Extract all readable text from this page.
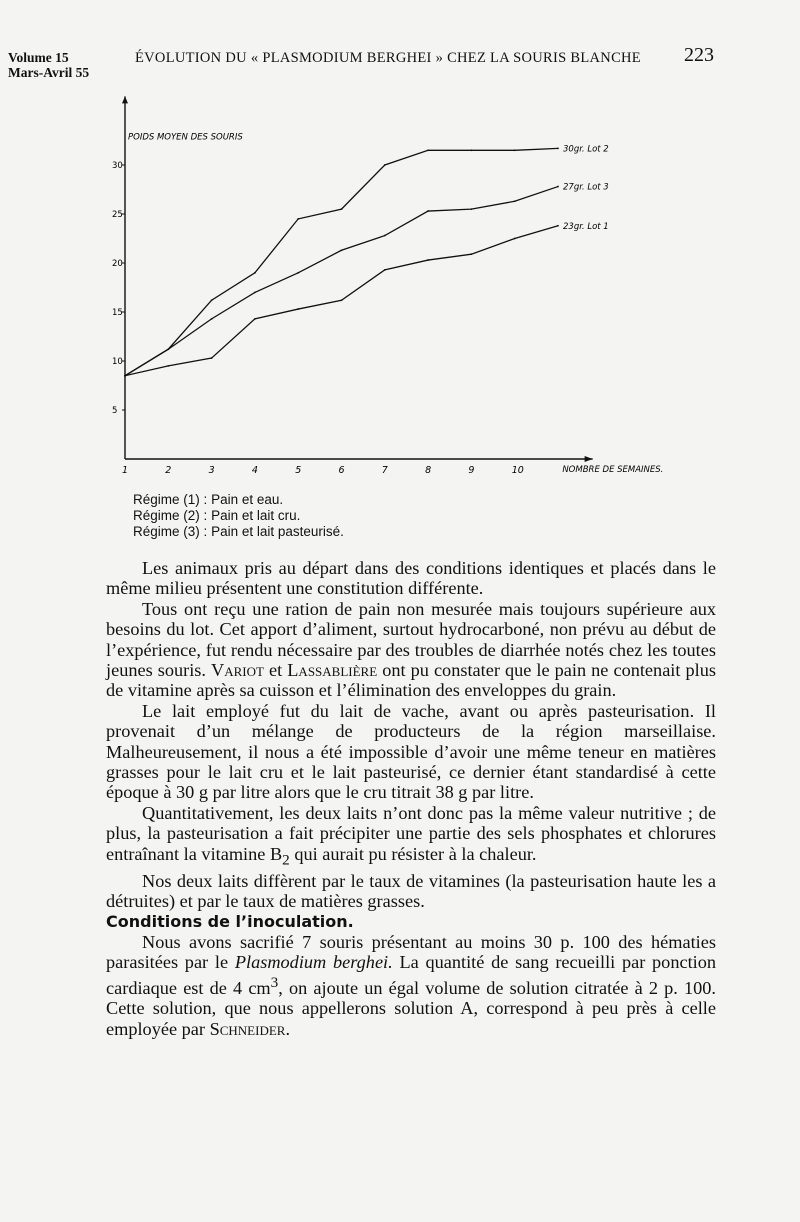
Volume 15
Mars-Avril 55
ÉVOLUTION DU « PLASMODIUM BERGHEI » CHEZ LA SOURIS BLANCHE	223
POIDS MOYEN DES SOURIS
NOMBRE DE SEMAINES.
5
10
15
20
25
30
1	2	3	4	5	6	7	8	9	10
30gr. Lot 2
27gr. Lot 3
23gr. Lot 1
Régime (1) : Pain et eau.
Régime (2) : Pain et lait cru.
Régime (3) : Pain et lait pasteurisé.

Les animaux pris au départ dans des conditions identiques et placés dans le même milieu présentent une constitution différente.

Tous ont reçu une ration de pain non mesurée mais toujours supérieure aux besoins du lot. Cet apport d’aliment, surtout hydrocarboné, non prévu au début de l’expérience, fut rendu nécessaire par des troubles de diarrhée notés chez les toutes jeunes souris. Variot et Lassablière ont pu constater que le pain ne contenait plus de vitamine après sa cuisson et l’élimination des enveloppes du grain.

Le lait employé fut du lait de vache, avant ou après pasteurisation. Il provenait d’un mélange de producteurs de la région marseillaise. Malheureusement, il nous a été impossible d’avoir une même teneur en matières grasses pour le lait cru et le lait pasteurisé, ce dernier étant standardisé à cette époque à 30 g par litre alors que le cru titrait 38 g par litre.

Quantitativement, les deux laits n’ont donc pas la même valeur nutritive ; de plus, la pasteurisation a fait précipiter une partie des sels phosphates et chlorures entraînant la vitamine $B_2$ qui aurait pu résister à la chaleur.

Nos deux laits diffèrent par le taux de vitamines (la pasteurisation haute les a détruites) et par le taux de matières grasses.

Conditions de l’inoculation.

Nous avons sacrifié 7 souris présentant au moins 30 p. 100 des hématies parasitées par le Plasmodium berghei. La quantité de sang recueilli par ponction cardiaque est de 4 $cm^3$, on ajoute un égal volume de solution citratée à 2 p. 100. Cette solution, que nous appellerons solution A, correspond à peu près à celle employée par Schneider.
